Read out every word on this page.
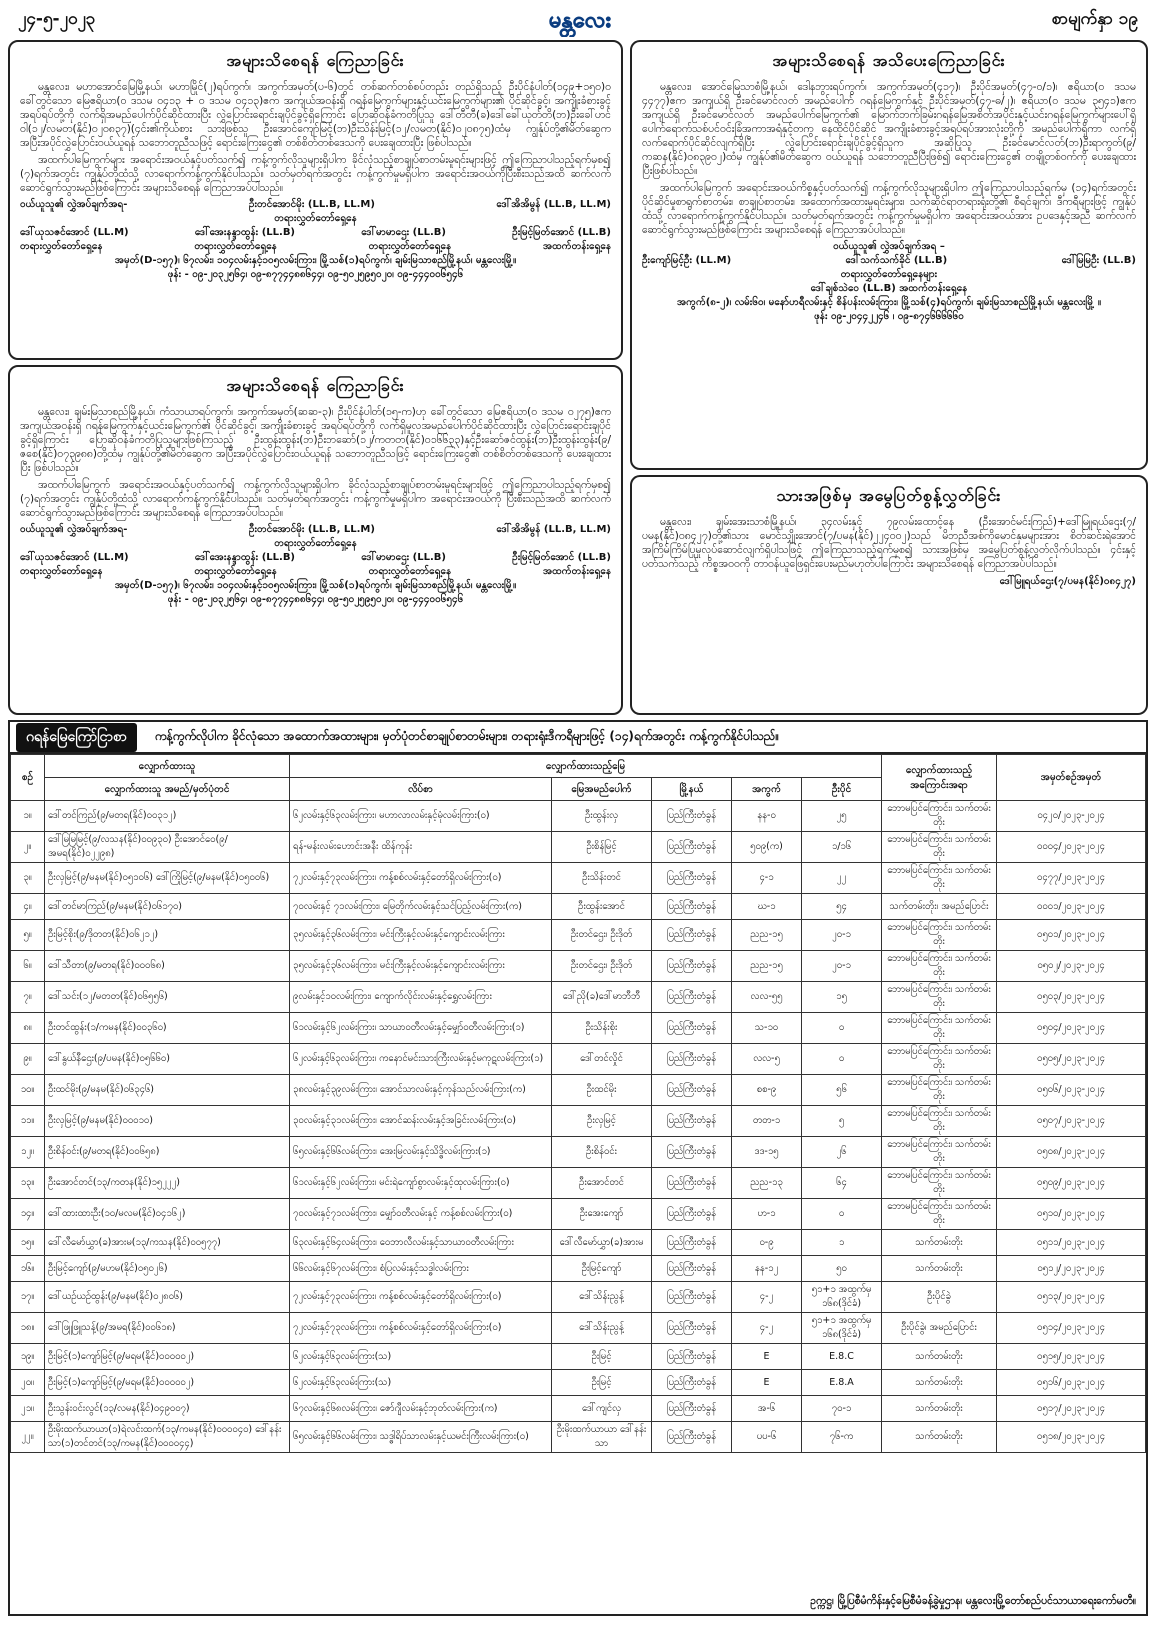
၂၄-၅-၂၀၂၃	မန္တလေး	စာမျက်နှာ ၁၉
အများသိစေရန် ကြေညာခြင်း

မန္တလေး၊ မဟာအောင်မြေမြို့နယ်၊ မဟာမြိုင်(၂)ရပ်ကွက်၊ အကွက်အမှတ်(ပ-၆)တွင် တစ်ဆက်တစ်စပ်တည်း တည်ရှိသည့် ဦးပိုင်နံပါတ်(၁၄၉+၁၅၀)ဝ ခေါ်တွင်သော မြေဧရိယာ(၀ ဒသမ ၀၄၁၃ + ၀ ဒသမ ၀၄၁၃)ဧက အကျယ်အဝန်းရှိ ဂရန်မြေကွက်များနှင့်ယင်းမြေကွက်များ၏ ပိုင်ဆိုင်ခွင့်၊ အကျိုးခံစားခွင့် အရပ်ရပ်တို့ကို လက်ရှိအမည်ပေါက်ပိုင်ဆိုင်ထားပြီး လွှဲပြောင်းရောင်းချပိုင်ခွင့်ရှိကြောင်း ပြောဆိုဝန်ခံကတိပြုသူ ဒေါ်တီတီ(ခ)ဒေါ်ခေါ်ယုတ်တိ(ဘ)ဦးခေါ်ဟင်ဝါ(၁၂/လမတ(နိုင်)၀၂၀၈၃၇)(၄င်း၏ကိုယ်စား သားဖြစ်သူ ဦးအောင်ကျော်မြင့်(ဘ)ဦးသိန်းမြင့်(၁၂/လမတ(နိုင်)၀၂၀၈၇၅)ထံမှ ကျွန်ုပ်တို့၏မိတ်ဆွေက အပြီးအပိုင်လွှဲပြောင်းဝယ်ယူရန် သဘောတူညီသဖြင့် ရောင်းကြေးငွေ၏ တစ်စိတ်တစ်ဒေသကို ပေးချေထားပြီး ဖြစ်ပါသည်။

အထက်ပါမြေကွက်များ အရောင်းအဝယ်နှင့်ပတ်သက်၍ ကန့်ကွက်လိုသူများရှိပါက ခိုင်လုံသည့်စာချုပ်စာတမ်းမူရင်းများဖြင့် ဤကြေညာပါသည့်ရက်မှစ၍ (၇)ရက်အတွင်း ကျွန်ုပ်တို့ထံသို့ လာရောက်ကန့်ကွက်နိုင်ပါသည်။ သတ်မှတ်ရက်အတွင်း ကန့်ကွက်မှုမရှိပါက အရောင်းအဝယ်ကိုပြီးစီးသည်အထိ ဆက်လက်ဆောင်ရွက်သွားမည်ဖြစ်ကြောင်း အများသိစေရန် ကြေညာအပ်ပါသည်။

ဝယ်ယူသူ၏ လွှဲအပ်ချက်အရ-	ဦးတင်အောင်မိုး (LL.B, LL.M)	ဒေါ်အိအိမွန် (LL.B, LL.M)
တရားလွှတ်တော်ရှေ့နေ
ဒေါ်ယုသဇင်အောင် (LL.M)	ဒေါ်အေးနန္ဒာထွန်း (LL.B)	ဒေါ်မာမာဌေး (LL.B)	ဦးမြင့်မြတ်အောင် (LL.B)
တရားလွှတ်တော်ရှေ့နေ	တရားလွှတ်တော်ရှေ့နေ	တရားလွှတ်တော်ရှေ့နေ	အထက်တန်းရှေ့နေ
အမှတ်(D-၁၅၇)၊ ၆၇လမ်း၊ ၁၀၄လမ်းနှင့်၁၀၅လမ်းကြား၊ မြို့သစ်(၁)ရပ်ကွက်၊ ချမ်းမြသာစည်မြို့နယ်၊ မန္တလေးမြို့။
ဖုန်း - ၀၉-၂၀၃၂၅၆၄၊ ၀၉-၈၇၇၄၄၈၈၆၄၄၊ ၀၉-၅၀၂၅၉၅၀၂၀၊ ၀၉-၄၄၄၀၀၆၅၄၆
အများသိစေရန် ကြေညာခြင်း

မန္တလေး၊ ချမ်းမြသာစည်မြို့နယ်၊ ကံသာယာရပ်ကွက်၊ အကွက်အမှတ်(ဆဆ-၃)၊ ဦးပိုင်နံပါတ်(၁၅-က)ဟု ခေါ်တွင်သော မြေဧရိယာ(၀ ဒသမ ၀၂၇၅)ဧက အကျယ်အဝန်းရှိ ဂရန်မြေကွက်နှင့်ယင်းမြေကွက်၏ ပိုင်ဆိုင်ခွင့်၊ အကျိုးခံစားခွင့် အရပ်ရပ်တို့ကို လက်ရှိမူလအမည်ပေါက်ပိုင်ဆိုင်ထားပြီး လွှဲပြောင်းရောင်းချပိုင်ခွင့်ရှိကြောင်း ပြောဆိုဝန်ခံကတိပြုသူများဖြစ်ကြသည့် ဦးထွန်းထွန်း(ဘ)ဦးဘဆော်(၁၂/ကတတ(နိုင်)၀၁၆၆၃၃)နှင့်ဦးဆော်ဇင်ထွန်း(ဘ)ဦးထွန်းထွန်း(၉/ဇစေ(နိုင်)၀၇၃၉၈၈)တို့ထံမှ ကျွန်ုပ်တို့၏မိတ်ဆွေက အပြီးအပိုင်လွှဲပြောင်းဝယ်ယူရန် သဘောတူညီသဖြင့် ရောင်းကြေးငွေ၏ တစ်စိတ်တစ်ဒေသကို ပေးချေထားပြီး ဖြစ်ပါသည်။

အထက်ပါမြေကွက် အရောင်းအဝယ်နှင့်ပတ်သက်၍ ကန့်ကွက်လိုသူများရှိပါက ခိုင်လုံသည့်စာချုပ်စာတမ်းမူရင်းများဖြင့် ဤကြေညာပါသည့်ရက်မှစ၍ (၇)ရက်အတွင်း ကျွန်ုပ်တို့ထံသို့ လာရောက်ကန့်ကွက်နိုင်ပါသည်။ သတ်မှတ်ရက်အတွင်း ကန့်ကွက်မှုမရှိပါက အရောင်းအဝယ်ကို ပြီးစီးသည်အထိ ဆက်လက်ဆောင်ရွက်သွားမည်ဖြစ်ကြောင်း အများသိစေရန် ကြေညာအပ်ပါသည်။

ဝယ်ယူသူ၏ လွှဲအပ်ချက်အရ-	ဦးတင်အောင်မိုး (LL.B, LL.M)	ဒေါ်အိအိမွန် (LL.B, LL.M)
တရားလွှတ်တော်ရှေ့နေ
ဒေါ်ယုသဇင်အောင် (LL.M)	ဒေါ်အေးနန္ဒာထွန်း (LL.B)	ဒေါ်မာမာဌေး (LL.B)	ဦးမြင့်မြတ်အောင် (LL.B)
တရားလွှတ်တော်ရှေ့နေ	တရားလွှတ်တော်ရှေ့နေ	တရားလွှတ်တော်ရှေ့နေ	အထက်တန်းရှေ့နေ
အမှတ်(D-၁၅၇)၊ ၆၇လမ်း၊ ၁၀၄လမ်းနှင့်၁၀၅လမ်းကြား၊ မြို့သစ်(၁)ရပ်ကွက်၊ ချမ်းမြသာစည်မြို့နယ်၊ မန္တလေးမြို့။
ဖုန်း - ၀၉-၂၀၃၂၅၆၄၊ ၀၉-၈၇၇၄၄၈၈၆၄၄၊ ၀၉-၅၀၂၅၉၅၀၂၀၊ ၀၉-၄၄၄၀၀၆၅၄၆
အများသိစေရန် အသိပေးကြေညာခြင်း

မန္တလေး၊ အောင်မြေသာစံမြို့နယ်၊ ဒေါနဘွားရပ်ကွက်၊ အကွက်အမှတ်(၄၁၇)၊ ဦးပိုင်အမှတ်(၄၇-ဝ/၁)၊ ဧရိယာ(၀ ဒသမ ၄၄၇၇)ဧက အကျယ်ရှိ ဦးခင်မောင်လတ် အမည်ပေါက် ဂရန်မြေကွက်နှင့် ဦးပိုင်အမှတ်(၄၇-ဓ/၂)၊ ဧရိယာ(၀ ဒသမ ၃၅၄၁)ဧက အကျယ်ရှိ ဦးခင်မောင်လတ် အမည်ပေါက်မြေကွက်၏ မြောက်ဘက်ခြမ်းဂရန်မြေအစိတ်အပိုင်းနှင့်ယင်းဂရန်မြေကွက်များပေါ်ရှိ ပေါက်ရောက်သစ်ပင်ဝင်းခြံအကာအရံနှင့်တကွ နေထိုင်ပိုင်ဆိုင် အကျိုးခံစားခွင့်အရပ်ရပ်အားလုံးတို့ကို အမည်ပေါက်ရှိကာ လက်ရှိလက်ရောက်ပိုင်ဆိုင်လျက်ရှိပြီး လွှဲပြောင်းရောင်းချပိုင်ခွင့်ရှိသူက အဆိုပြုသူ ဦးခင်မောင်လတ်(ဘ)ဦးရာကွတ်(၉/ကဆန(နိုင်)၀၈၃၉၀၂)ထံမှ ကျွန်ုပ်၏မိတ်ဆွေက ဝယ်ယူရန် သဘောတူညီပြီးဖြစ်၍ ရောင်းကြေးငွေ၏ တချို့တစ်ဝက်ကို ပေးချေထားပြီးဖြစ်ပါသည်။

အထက်ပါမြေကွက် အရောင်းအဝယ်ကိစ္စနှင့်ပတ်သက်၍ ကန့်ကွက်လိုသူများရှိပါက ဤကြေညာပါသည့်ရက်မှ (၁၄)ရက်အတွင်း ပိုင်ဆိုင်မှုစာရွက်စာတမ်း၊ စာချုပ်စာတမ်း၊ အထောက်အထားမူရင်းများ၊ သက်ဆိုင်ရာတရားရုံးတို့၏ စီရင်ချက်၊ ဒီကရီများဖြင့် ကျွန်ုပ်ထံသို့ လာရောက်ကန့်ကွက်နိုင်ပါသည်။ သတ်မှတ်ရက်အတွင်း ကန့်ကွက်မှုမရှိပါက အရောင်းအဝယ်အား ဥပဒေနှင့်အညီ ဆက်လက်ဆောင်ရွက်သွားမည်ဖြစ်ကြောင်း အများသိစေရန် ကြေညာအပ်ပါသည်။

ဝယ်ယူသူ၏ လွှဲအပ်ချက်အရ –
ဦးကျော်မြင့်ဦး (LL.M)	ဒေါ်သက်သက်ခိုင် (LL.B)	ဒေါ်မြမြဦး (LL.B)
တရားလွှတ်တော်ရှေ့နေများ
ဒေါ်ချစ်သဲဝေ (LL.B) အထက်တန်းရှေ့နေ
အကွက်(၈-၂)၊ လမ်း၆၀၊ မနော်ဟရီလမ်းနှင့် စိန်ပန်းလမ်းကြား၊ မြို့သစ်(၄)ရပ်ကွက်၊ ချမ်းမြသာစည်မြို့နယ်၊ မန္တလေးမြို့ ။
ဖုန်း ၀၉-၂၀၄၄၂၂၄၆ ၊ ၀၉-၈၇၄၆၆၆၆၆၀
သားအဖြစ်မှ အမွေပြတ်စွန့်လွှတ်ခြင်း

မန္တလေး၊ ချမ်းအေးသာစံမြို့နယ်၊ ၃၄လမ်းနှင့် ၇၉လမ်းထောင့်နေ (ဦးအောင်မင်းကြည်)+ဒေါ်မြူရယ်ဌေး(၇/ပမန(နိုင်)၀၈၄၂၇)တို့၏သား မောင်သျှိုးအောင်(၇/ပမန(နိုင်)၂၂၄၀၀၂)သည် မိဘညီအစ်ကိုမောင်နှမများအား စိတ်ဆင်းရဲအောင် အကြိမ်ကြိမ်ပြုမူလုပ်ဆောင်လျက်ရှိပါသဖြင့် ဤကြေညာသည့်ရက်မှစ၍ သားအဖြစ်မှ အမွေပြတ်စွန့်လွှတ်လိုက်ပါသည်။ ၄င်းနှင့်ပတ်သက်သည့် ကိစ္စအဝဝကို တာဝန်ယူဖြေရှင်းပေးမည်မဟုတ်ပါကြောင်း အများသိစေရန် ကြေညာအပ်ပါသည်။

ဒေါ်မြူရယ်ဌေး(၇/ပမန(နိုင်)၀၈၄၂၇)
ဂရန်မြေကြော်ငြာစာ	ကန့်ကွက်လိုပါက ခိုင်လုံသော အထောက်အထားများ၊ မှတ်ပုံတင်စာချုပ်စာတမ်းများ၊ တရားရုံးဒီကရီများဖြင့် (၁၄)ရက်အတွင်း ကန့်ကွက်နိုင်ပါသည်။
စဉ်	လျှောက်ထားသူ	လျှောက်ထားသည့်မြေ					လျှောက်ထားသည့် အကြောင်းအရာ	အမှတ်စဉ်အမှတ်
	လျှောက်ထားသူ အမည်/မှတ်ပုံတင်	လိပ်စာ	မြေအမည်ပေါက်	မြို့နယ်	အကွက်	ဦးပိုင်		
၁။	ဒေါ်တင်ကြည်(၉/မတရ(နိုင်)၀၀၃၁၂)	၆၂လမ်းနှင့်၆၃လမ်းကြား၊ မဟာလာလမ်းနှင့်မုံလမ်းကြား(၀)	ဦးထွန်းလှ	ပြည်ကြီးတံခွန်	နန-၀	၂၅	ဘောမပြင်ကြောင်း၊ သက်တမ်းတိုး	၀၄၂၀/၂၀၂၃-၂၀၂၄
၂။	ဒေါ်မြမြမြင့်(၉/လသန(နိုင်)၀၀၉၃၀) ဦးအောင်ဝေ(၉/အမရ(နိုင်)၀၂၂၉၈)	ရန်-မန်းလမ်းဟောင်းအနီး ထိန်ကုန်း	ဦးစိန်မြင့်	ပြည်ကြီးတံခွန်	၅၀၉(က)	၁/၁၆	ဘောမပြင်ကြောင်း၊ သက်တမ်းတိုး	၀၀၀၄/၂၀၂၃-၂၀၂၄
၃။	ဦးလှမြင့်(၉/မနမ(နိုင်)၀၅၁၀၆) ဒေါ်ကြိုမြင့်(၉/မနမ(နိုင်)၀၅၀၀၆)	၇၂လမ်းနှင့်၇၃လမ်းကြား၊ ကန့်စစ်လမ်းနှင့်တော်ရှိလမ်းကြား(၀)	ဦးသိန်းတင်	ပြည်ကြီးတံခွန်	၄-၁	၂၂	ဘောမပြင်ကြောင်း၊ သက်တမ်းတိုး	၀၄၇၇/၂၀၂၃-၂၀၂၄
၄။	ဒေါ်တင်မာကြည်(၉/မနမ(နိုင်)၀၆၁၇၀)	၇၀လမ်းနှင့် ၇၁လမ်းကြား၊ မြေတိုက်လမ်းနှင့်သင်ပြည့်လမ်းကြား(က)	ဦးထွန်းအောင်	ပြည်ကြီးတံခွန်	ဃ-၁	၅၄	သက်တမ်းတိုး၊ အမည်ပြောင်း	၀၀၀၁/၂၀၂၃-၂၀၂၄
၅။	ဦးမြင့်စိုး(၉/ဒိုတတ(နိုင်)၀၆၂၁၂)	၃၅လမ်းနှင့်၃၆လမ်းကြား၊ မင်းကြီးနှင့်လမ်းနှင့်ကျောင်းလမ်းကြား	ဦးတင်ဌေး၊ ဦးဒိုတ်	ပြည်ကြီးတံခွန်	ညည-၁၅	၂၀-၁	ဘောမပြင်ကြောင်း၊ သက်တမ်းတိုး	၀၅၀၁/၂၀၂၃-၂၀၂၄
၆။	ဒေါ်သီတာ(၉/မတရ(နိုင်)၀၀၀၆၈)	၃၅လမ်းနှင့်၃၆လမ်းကြား၊ မင်းကြီးနှင့်လမ်းနှင့်ကျောင်းလမ်းကြား	ဦးတင်ဌေး၊ ဦးဒိုတ်	ပြည်ကြီးတံခွန်	ညည-၁၅	၂၀-၁	ဘောမပြင်ကြောင်း၊ သက်တမ်းတိုး	၀၅၀၂/၂၀၂၃-၂၀၂၄
၇။	ဒေါ်သင်း(၁၂/မတတ(နိုင်)၀၆၅၅၆)	၉လမ်းနှင့်၁၀လမ်းကြား၊ ကျောက်လိုင်းလမ်းနှင့်ရွှေလမ်းကြား	ဒေါ်ညို(ခ)ဒေါ်မာဘီဘီ	ပြည်ကြီးတံခွန်	လလ-၅၅	၁၅	ဘောမပြင်ကြောင်း၊ သက်တမ်းတိုး	၀၅၀၃/၂၀၂၃-၂၀၂၄
၈။	ဦးတင်ထွန်း(၁/ကမန(နိုင်)၀၀၃၆၀)	၆၁လမ်းနှင့်၆၂လမ်းကြား၊ သာယာဝတီလမ်းနှင့်မျှော်ဝတီလမ်းကြား(၁)	ဦးသိန်းစိုး	ပြည်ကြီးတံခွန်	သ-၁၀	၀	ဘောမပြင်ကြောင်း၊ သက်တမ်းတိုး	၀၅၀၄/၂၀၂၃-၂၀၂၄
၉။	ဒေါ်နွယ်နီဌေး(၉/ပမန(နိုင်)၀၅၆၆၀)	၆၂လမ်းနှင့်၆၃လမ်းကြား၊ ကနောင်မင်းသားကြီးလမ်းနှင့်မကုဋလမ်းကြား(၁)	ဒေါ်တင်လှိုင်	ပြည်ကြီးတံခွန်	လလ-၅	၀	ဘောမပြင်ကြောင်း၊ သက်တမ်းတိုး	၀၅၀၅/၂၀၂၃-၂၀၂၄
၁၀။	ဦးထင်မိုး(၉/မနမ(နိုင်)၀၆၃၄၆)	၃၈လမ်းနှင့်၃၉လမ်းကြား၊ အောင်သာလမ်းနှင့်ကုန်သည်လမ်းကြား(က)	ဦးထင်မိုး	ပြည်ကြီးတံခွန်	စစ-၉	၅၆	ဘောမပြင်ကြောင်း၊ သက်တမ်းတိုး	၀၅၀၆/၂၀၂၃-၂၀၂၄
၁၁။	ဦးလှမြင့်(၉/မနမ(နိုင်)၀၀၀၁၀)	၃၀လမ်းနှင့်၃၁လမ်းကြား၊ အောင်ဆန်းလမ်းနှင့်အခြင်းလမ်းကြား(၀)	ဦးလှမြင့်	ပြည်ကြီးတံခွန်	တတ-၁	၅	ဘောမပြင်ကြောင်း၊ သက်တမ်းတိုး	၀၅၀၇/၂၀၂၃-၂၀၂၄
၁၂။	ဦးစိန်ဝင်း(၉/မတရ(နိုင်)၀၀၆၅၈)	၆၅လမ်းနှင့်၆၆လမ်းကြား၊ အေးမြလမ်းနှင့်သိဒ္ဓိလမ်းကြား(၁)	ဦးစိန်ဝင်း	ပြည်ကြီးတံခွန်	ဒဒ-၁၅	၂၆	ဘောမပြင်ကြောင်း၊ သက်တမ်းတိုး	၀၅၀၈/၂၀၂၃-၂၀၂၄
၁၃။	ဦးအောင်တင်(၁၃/ကတန(နိုင်)၁၅၂၂၂)	၆၁လမ်းနှင့်၆၂လမ်းကြား၊ မင်းရဲကျော်စွာလမ်းနှင့်ထုလမ်းကြား(၀)	ဦးအောင်တင်	ပြည်ကြီးတံခွန်	ညည-၁၃	၆၄	ဘောမပြင်ကြောင်း၊ သက်တမ်းတိုး	၀၅၀၉/၂၀၂၃-၂၀၂၄
၁၄။	ဒေါ်ထားထားဦး(၁၀/မလမ(နိုင်)၀၄၁၆၂)	၇၀လမ်းနှင့်၇၁လမ်းကြား၊ မျှော်ဝတီလမ်းနှင့် ကန့်စစ်လမ်းကြား(ဝ)	ဦးအေးကျော်	ပြည်ကြီးတံခွန်	ဟ-၁	၀	ဘောမပြင်ကြောင်း၊ သက်တမ်းတိုး	၀၅၁၀/၂၀၂၃-၂၀၂၄
၁၅။	ဒေါ်လီမော်ယွှာ(ခ)အားမ(၁၃/ကသန(နိုင်)၀၀၅၇၇)	၆၃လမ်းနှင့်၆၄လမ်းကြား၊ ဝေဘာလီလမ်းနှင့်သာယာဝတီလမ်းကြား	ဒေါ်လီမော်ယွှာ(ခ)အားမ	ပြည်ကြီးတံခွန်	ဝ-၉	၁	သက်တမ်းတိုး	၀၅၁၁/၂၀၂၃-၂၀၂၄
၁၆။	ဦးမြင့်ကျော်(၉/မဟမ(နိုင်)၀၅၀၂၆)	၆၆လမ်းနှင့်၆၇လမ်းကြား၊ စံပြလမ်းနှင့်သဒ္ဓါလမ်းကြား	ဦးမြင့်ကျော်	ပြည်ကြီးတံခွန်	နန-၁၂	၅၀	သက်တမ်းတိုး	၀၅၁၂/၂၀၂၃-၂၀၂၄
၁၇။	ဒေါ်ယဉ်ယဉ်ထွန်း(၉/မနမ(နိုင်)၀၂၈၀၆)	၇၂လမ်းနှင့်၇၃လမ်းကြား၊ ကန့်စစ်လမ်းနှင့်တော်ရှိလမ်းကြား(၀)	ဒေါ်သိန်းညွန့်	ပြည်ကြီးတံခွန်	၄-၂	၅၁+၁ အထွက်မှ ၁၆၈(ဒိုင်ခံ)	ဦးပိုင်ခွဲ	၀၅၁၃/၂၀၂၃-၂၀၂၄
၁၈။	ဒေါ်ဖြူဖြူသန့်(၉/အမရ(နိုင်)၀၀၆၁၈)	၇၂လမ်းနှင့်၇၃လမ်းကြား၊ ကန့်စစ်လမ်းနှင့်တော်ရှိလမ်းကြား(၀)	ဒေါ်သိန်းညွန့်	ပြည်ကြီးတံခွန်	၄-၂	၅၁+၁ အထွက်မှ ၁၆၈(ဒိုင်ခံ)	ဦးပိုင်ခွဲ၊ အမည်ပြောင်း	၀၅၁၄/၂၀၂၃-၂၀၂၄
၁၉။	ဦးမြင့်(၁)ကျော်မြင့်(၉/မရမ(နိုင်)၀၀၀၀၀၂)	၆၂လမ်းနှင့်၆၃လမ်းကြား(သ)	ဦးမြင့်	ပြည်ကြီးတံခွန်	E	E.8.C	သက်တမ်းတိုး	၀၅၁၅/၂၀၂၃-၂၀၂၄
၂၀။	ဦးမြင့်(၁)ကျော်မြင့်(၉/မရမ(နိုင်)၀၀၀၀၀၂)	၆၂လမ်းနှင့်၆၃လမ်းကြား(သ)	ဦးမြင့်	ပြည်ကြီးတံခွန်	E	E.8.A	သက်တမ်းတိုး	၀၅၁၆/၂၀၂၃-၂၀၂၄
၂၁။	ဦးသွန်းဝင်းလွင်(၁၃/လမန(နိုင်)၀၄၉၀၀၇)	၆၇လမ်းနှင့်၆၈လမ်းကြား၊ ဇော်ဂျီလမ်းနှင့်ဘုတ်လမ်းကြား(က)	ဒေါ်ကျင်လှ	ပြည်ကြီးတံခွန်	အ-၆	၇၀-၁	သက်တမ်းတိုး	၀၅၁၇/၂၀၂၃-၂၀၂၄
၂၂။	ဦးမိုးထက်ယာယာ(၁)ရဲလင်းထက်(၁၃/ကမန(နိုင်)၀၀၀၀၄၀) ဒေါ်နန်းသာ(၁)တင်တင်(၁၃/ကမန(နိုင်)၀၀၀၀၄၄)	၆၅လမ်းနှင့်၆၆လမ်းကြား၊ သဒ္ဓါရိပ်သာလမ်းနှင့်ယမင်းကြီးလမ်းကြား(၀)	ဦးမိုးထက်ယာယာ ဒေါ်နန်းသာ	ပြည်ကြီးတံခွန်	ပပ-၆	၇၆-က	သက်တမ်းတိုး	၀၅၁၈/၂၀၂၃-၂၀၂၄
ဥက္ကဋ္ဌ၊ မြို့ပြစီမံကိန်းနှင့်မြေစီမံခန့်ခွဲမှုဌာန၊ မန္တလေးမြို့တော်စည်ပင်သာယာရေးကော်မတီ။
